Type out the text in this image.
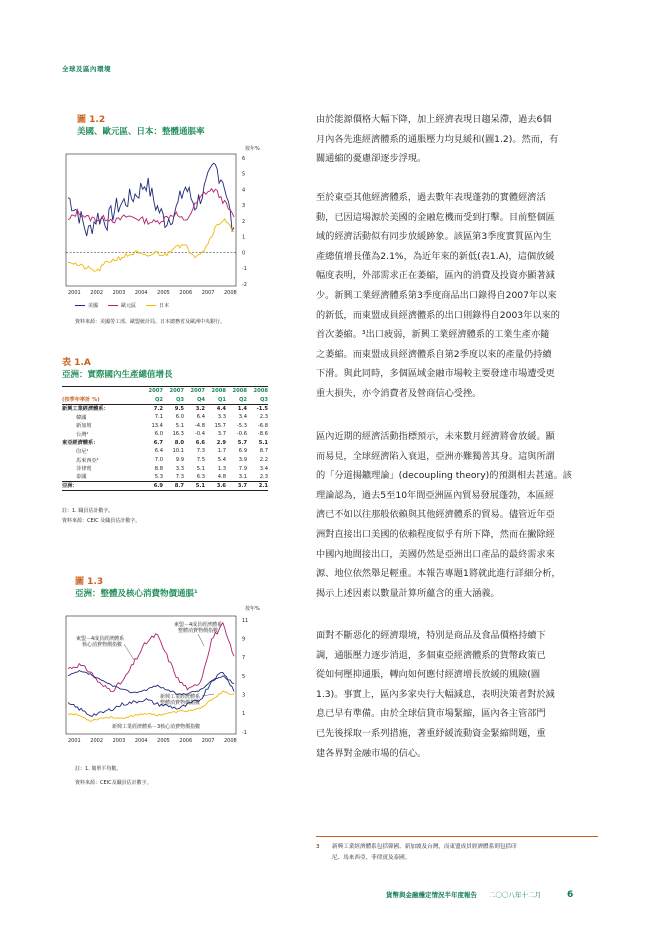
全球及區內環境
圖 1.2
美國、歐元區、日本：整體通脹率
按年%
6
5
4
3
2
1
0
-1
-2
2001 2002 2003 2004 2005 2006 2007 2008
美國	歐元區	日本
資料來源：美國勞工部、歐盟統計局、日本總務省及歐洲中央銀行。
表 1.A
亞洲：實際國內生產總值增長
	2007	2007	2007	2008	2008	2008
(按季年率計 %)	Q2	Q3	Q4	Q1	Q2	Q3
新興工業經濟體系：	7.2	9.5	3.2	4.4	1.4	-1.5
韓國	7.1	6.0	6.4	3.3	3.4	2.3
新加坡	13.4	5.1	-4.8	15.7	-5.3	-6.8
台灣¹	6.0	16.3	-0.4	3.7	-0.6	-8.6
東亞經濟體系：	6.7	8.0	6.6	2.9	5.7	5.1
印尼¹	6.4	10.1	7.3	1.7	6.9	8.7
馬來西亞¹	7.0	9.9	7.5	5.4	3.9	2.2
菲律賓	8.8	3.3	5.1	1.3	7.9	3.4
泰國	5.3	7.3	6.3	4.8	3.1	2.3
亞洲：	6.9	8.7	5.1	3.6	3.7	2.1
註：1. 職員估計數字。
資料來源：CEIC 及職員估計數字。
圖 1.3
亞洲：整體及核心消費物價通脹¹
按年%
11
9
7
5
3
1
-1
2001 2002 2003 2004 2005 2006 2007 2008
東盟－4成員經濟體系核心消費物價指數
東盟－4成員經濟體系整體消費物價指數
新興工業經濟體系整體消費物價指數
新興工業經濟體系－3核心消費物價指數
註：1. 簡單平均數。
資料來源：CEIC及職員估計數字。
由於能源價格大幅下降，加上經濟表現日趨呆滯，過去6個
月內各先進經濟體系的通脹壓力均見緩和(圖1.2)。然而，有
關通縮的憂慮卻逐步浮現。
至於東亞其他經濟體系，過去數年表現蓬勃的實體經濟活
動，已因這場源於美國的金融危機而受到打擊。目前整個區
域的經濟活動似有同步放緩跡象。該區第3季度實質區內生
產總值增長僅為2.1%，為近年來的新低(表1.A)，這個放緩
幅度表明，外部需求正在萎縮，區內的消費及投資亦顯著減
少。新興工業經濟體系第3季度商品出口錄得自2007年以來
的新低，而東盟成員經濟體系的出口則錄得自2003年以來的
首次萎縮。³出口疲弱，新興工業經濟體系的工業生產亦隨
之萎縮。而東盟成員經濟體系自第2季度以來的產量仍持續
下滑。與此同時，多個區域金融市場較主要發達市場遭受更
重大損失，亦令消費者及營商信心受挫。
區內近期的經濟活動指標預示，未來數月經濟將會放緩。顯
而易見，全球經濟陷入衰退，亞洲亦難獨善其身。這與所謂
的「分道揚鑣理論」(decoupling theory)的預測相去甚遠。該
理論認為，過去5至10年間亞洲區內貿易發展蓬勃，本區經
濟已不如以往那般依賴與其他經濟體系的貿易。儘管近年亞
洲對直接出口美國的依賴程度似乎有所下降，然而在撇除經
中國內地間接出口，美國仍然是亞洲出口產品的最終需求來
源、地位依然舉足輕重。本報告專題1將就此進行詳細分析，
揭示上述因素以數量計算所蘊含的重大涵義。
面對不斷惡化的經濟環境，特別是商品及食品價格持續下
調，通脹壓力逐步消退，多個東亞經濟體系的貨幣政策已
從如何壓抑通脹，轉向如何應付經濟增長放緩的風險(圖
1.3)。事實上，區內多家央行大幅減息，表明決策者對於減
息已早有準備。由於全球信貸市場緊縮，區內各主管部門
已先後採取一系列措施，著重紓緩流動資金緊縮問題，重
建各界對金融市場的信心。
3 新興工業經濟體系包括韓國、新加坡及台灣，而東盟成員經濟體系則包括印
尼、馬來西亞、菲律賓及泰國。
貨幣與金融穩定情況半年度報告 二〇〇八年十二月	6
